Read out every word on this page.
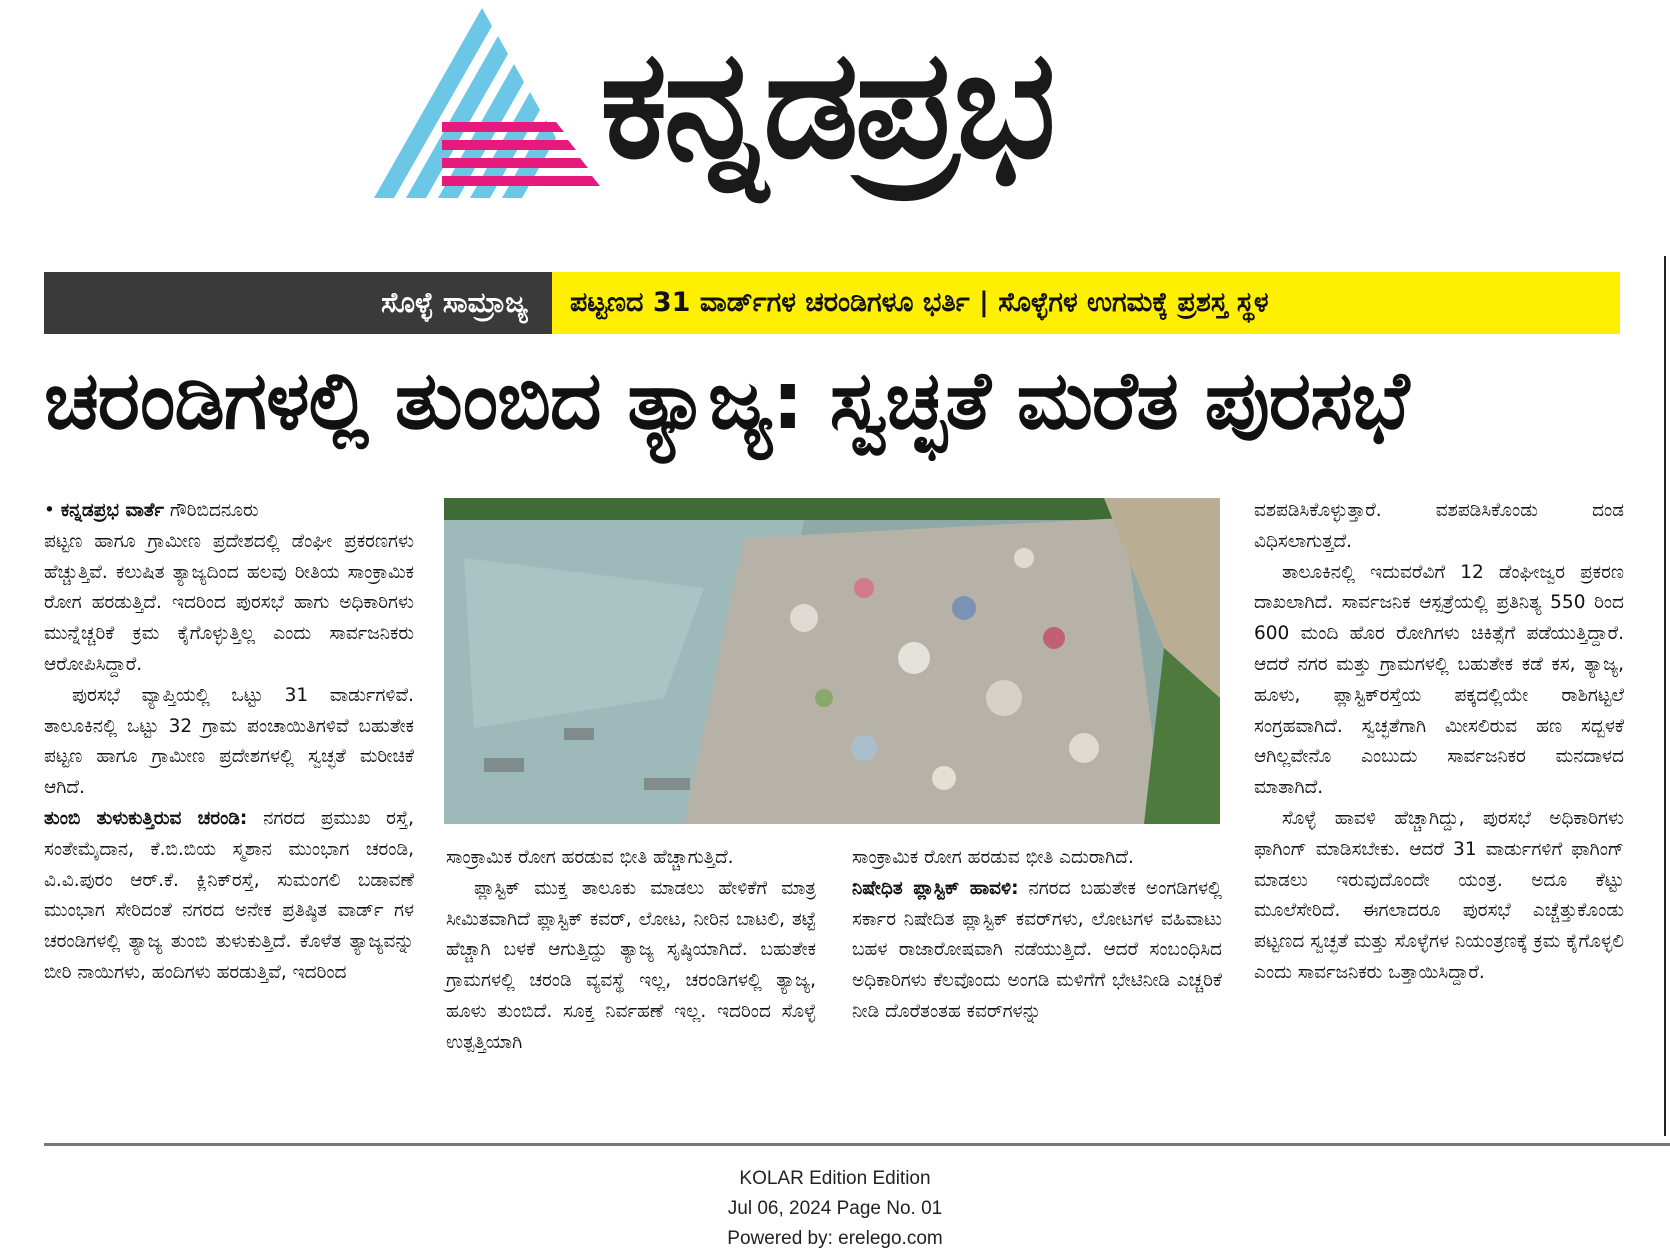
ಕನ್ನಡಪ್ರಭ
ಸೊಳ್ಳೆ ಸಾಮ್ರಾಜ್ಯ	ಪಟ್ಟಣದ 31 ವಾರ್ಡ್‌ಗಳ ಚರಂಡಿಗಳೂ ಭರ್ತಿ | ಸೊಳ್ಳೆಗಳ ಉಗಮಕ್ಕೆ ಪ್ರಶಸ್ತ ಸ್ಥಳ
ಚರಂಡಿಗಳಲ್ಲಿ ತುಂಬಿದ ತ್ಯಾಜ್ಯ: ಸ್ವಚ್ಛತೆ ಮರೆತ ಪುರಸಭೆ

• ಕನ್ನಡಪ್ರಭ ವಾರ್ತೆ ಗೌರಿಬಿದನೂರು

ಪಟ್ಟಣ ಹಾಗೂ ಗ್ರಾಮೀಣ ಪ್ರದೇಶದಲ್ಲಿ ಡೆಂಘೀ ಪ್ರಕರಣಗಳು ಹೆಚ್ಚುತ್ತಿವೆ. ಕಲುಷಿತ ತ್ಯಾಜ್ಯದಿಂದ ಹಲವು ರೀತಿಯ ಸಾಂಕ್ರಾಮಿಕ ರೋಗ ಹರಡುತ್ತಿದೆ. ಇದರಿಂದ ಪುರಸಭೆ ಹಾಗು ಅಧಿಕಾರಿಗಳು ಮುನ್ನೆಚ್ಚರಿಕೆ ಕ್ರಮ ಕೈಗೊಳ್ಳುತ್ತಿಲ್ಲ ಎಂದು ಸಾರ್ವಜನಿಕರು ಆರೋಪಿಸಿದ್ದಾರೆ.

ಪುರಸಭೆ ವ್ಯಾಪ್ತಿಯಲ್ಲಿ ಒಟ್ಟು 31 ವಾರ್ಡುಗಳಿವೆ. ತಾಲೂಕಿನಲ್ಲಿ ಒಟ್ಟು 32 ಗ್ರಾಮ ಪಂಚಾಯಿತಿಗಳಿವೆ ಬಹುತೇಕ ಪಟ್ಟಣ ಹಾಗೂ ಗ್ರಾಮೀಣ ಪ್ರದೇಶಗಳಲ್ಲಿ ಸ್ವಚ್ಛತೆ ಮರೀಚಿಕೆ ಆಗಿದೆ.

ತುಂಬಿ ತುಳುಕುತ್ತಿರುವ ಚರಂಡಿ: ನಗರದ ಪ್ರಮುಖ ರಸ್ತೆ, ಸಂತೇಮೈದಾನ, ಕೆ.ಬಿ.ಬಿಯ ಸ್ಮಶಾನ ಮುಂಭಾಗ ಚರಂಡಿ, ವಿ.ವಿ.ಪುರಂ ಆರ್.ಕೆ. ಕ್ಲಿನಿಕ್‌ರಸ್ತೆ, ಸುಮಂಗಲಿ ಬಡಾವಣೆ ಮುಂಭಾಗ ಸೇರಿದಂತೆ ನಗರದ ಅನೇಕ ಪ್ರತಿಷ್ಠಿತ ವಾರ್ಡ್ ಗಳ ಚರಂಡಿಗಳಲ್ಲಿ ತ್ಯಾಜ್ಯ ತುಂಬಿ ತುಳುಕುತ್ತಿದೆ. ಕೊಳೆತ ತ್ಯಾಜ್ಯವನ್ನು ಬೀರಿ ನಾಯಿಗಳು, ಹಂದಿಗಳು ಹರಡುತ್ತಿವೆ, ಇದರಿಂದ

ಸಾಂಕ್ರಾಮಿಕ ರೋಗ ಹರಡುವ ಭೀತಿ ಹೆಚ್ಚಾಗುತ್ತಿದೆ.

ಪ್ಲಾಸ್ಟಿಕ್ ಮುಕ್ತ ತಾಲೂಕು ಮಾಡಲು ಹೇಳಿಕೆಗೆ ಮಾತ್ರ ಸೀಮಿತವಾಗಿದೆ ಪ್ಲಾಸ್ಟಿಕ್ ಕವರ್, ಲೋಟ, ನೀರಿನ ಬಾಟಲಿ, ತಟ್ಟೆ ಹೆಚ್ಚಾಗಿ ಬಳಕೆ ಆಗುತ್ತಿದ್ದು ತ್ಯಾಜ್ಯ ಸೃಷ್ಠಿಯಾಗಿದೆ. ಬಹುತೇಕ ಗ್ರಾಮಗಳಲ್ಲಿ ಚರಂಡಿ ವ್ಯವಸ್ಥೆ ಇಲ್ಲ, ಚರಂಡಿಗಳಲ್ಲಿ ತ್ಯಾಜ್ಯ, ಹೂಳು ತುಂಬಿದೆ. ಸೂಕ್ತ ನಿರ್ವಹಣೆ ಇಲ್ಲ. ಇದರಿಂದ ಸೊಳ್ಳೆ ಉತ್ಪತ್ತಿಯಾಗಿ

ಸಾಂಕ್ರಾಮಿಕ ರೋಗ ಹರಡುವ ಭೀತಿ ಎದುರಾಗಿದೆ.

ನಿಷೇಧಿತ ಪ್ಲಾಸ್ಟಿಕ್ ಹಾವಳಿ: ನಗರದ ಬಹುತೇಕ ಅಂಗಡಿಗಳಲ್ಲಿ ಸರ್ಕಾರ ನಿಷೇದಿತ ಪ್ಲಾಸ್ಟಿಕ್ ಕವರ್‌ಗಳು, ಲೋಟಗಳ ವಹಿವಾಟು ಬಹಳ ರಾಜಾರೋಷವಾಗಿ ನಡೆಯುತ್ತಿದೆ. ಆದರೆ ಸಂಬಂಧಿಸಿದ ಅಧಿಕಾರಿಗಳು ಕೆಲವೊಂದು ಅಂಗಡಿ ಮಳಿಗೆಗೆ ಭೇಟಿನೀಡಿ ಎಚ್ಚರಿಕೆ ನೀಡಿ ದೊರೆತಂತಹ ಕವರ್‌ಗಳನ್ನು

ವಶಪಡಿಸಿಕೊಳ್ಳುತ್ತಾರೆ. ವಶಪಡಿಸಿಕೊಂಡು ದಂಡ ವಿಧಿಸಲಾಗುತ್ತದೆ.

ತಾಲೂಕಿನಲ್ಲಿ ಇದುವರೆವಿಗೆ 12 ಡೆಂಘೀಜ್ವರ ಪ್ರಕರಣ ದಾಖಲಾಗಿದೆ. ಸಾರ್ವಜನಿಕ ಆಸ್ಪತ್ರೆಯಲ್ಲಿ ಪ್ರತಿನಿತ್ಯ 550 ರಿಂದ 600 ಮಂದಿ ಹೊರ ರೋಗಿಗಳು ಚಿಕಿತ್ಸೆಗೆ ಪಡೆಯುತ್ತಿದ್ದಾರೆ. ಆದರೆ ನಗರ ಮತ್ತು ಗ್ರಾಮಗಳಲ್ಲಿ ಬಹುತೇಕ ಕಡೆ ಕಸ, ತ್ಯಾಜ್ಯ, ಹೂಳು, ಪ್ಲಾಸ್ಟಿಕ್‌ರಸ್ತೆಯ ಪಕ್ಕದಲ್ಲಿಯೇ ರಾಶಿಗಟ್ಟಲೆ ಸಂಗ್ರಹವಾಗಿದೆ. ಸ್ವಚ್ಛತೆಗಾಗಿ ಮೀಸಲಿರುವ ಹಣ ಸದ್ಬಳಕೆ ಆಗಿಲ್ಲವೇನೊ ಎಂಬುದು ಸಾರ್ವಜನಿಕರ ಮನದಾಳದ ಮಾತಾಗಿದೆ.

ಸೊಳ್ಳೆ ಹಾವಳಿ ಹೆಚ್ಚಾಗಿದ್ದು, ಪುರಸಭೆ ಅಧಿಕಾರಿಗಳು ಫಾಗಿಂಗ್ ಮಾಡಿಸಬೇಕು. ಆದರೆ 31 ವಾರ್ಡುಗಳಿಗೆ ಫಾಗಿಂಗ್ ಮಾಡಲು ಇರುವುದೊಂದೇ ಯಂತ್ರ. ಅದೂ ಕೆಟ್ಟು ಮೂಲೆಸೇರಿದೆ. ಈಗಲಾದರೂ ಪುರಸಭೆ ಎಚ್ಚೆತ್ತುಕೊಂಡು ಪಟ್ಟಣದ ಸ್ವಚ್ಛತೆ ಮತ್ತು ಸೊಳ್ಳೆಗಳ ನಿಯಂತ್ರಣಕ್ಕೆ ಕ್ರಮ ಕೈಗೊಳ್ಳಲಿ ಎಂದು ಸಾರ್ವಜನಿಕರು ಒತ್ತಾಯಿಸಿದ್ದಾರೆ.

KOLAR Edition Edition
Jul 06, 2024 Page No. 01
Powered by: erelego.com
